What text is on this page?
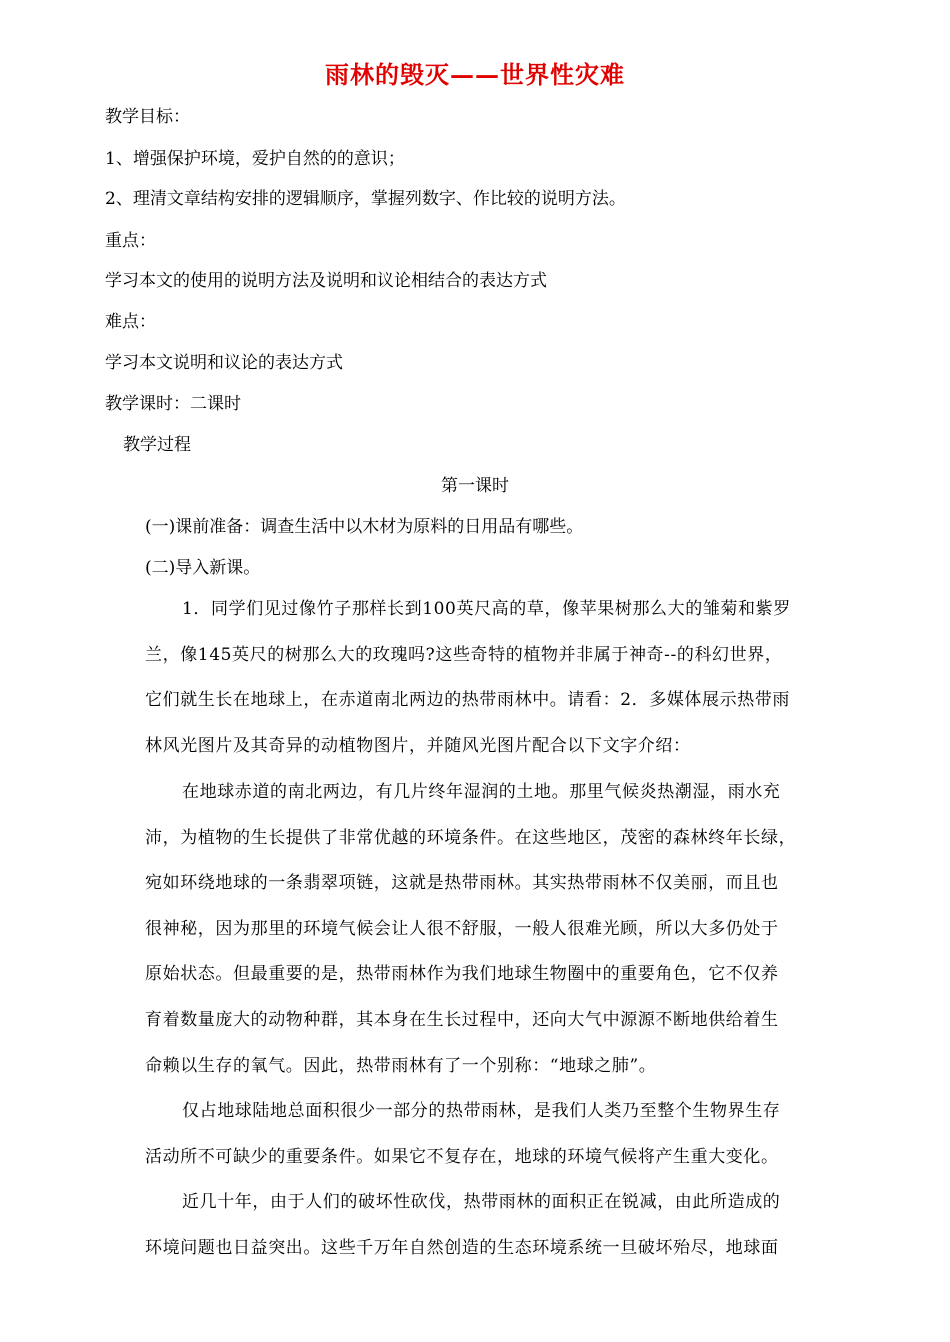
雨林的毁灭——世界性灾难

教学目标：

1、增强保护环境，爱护自然的的意识；

2、理清文章结构安排的逻辑顺序，掌握列数字、作比较的说明方法。

重点：

学习本文的使用的说明方法及说明和议论相结合的表达方式

难点：

学习本文说明和议论的表达方式

教学课时：二课时

教学过程

第一课时

(一)课前准备：调查生活中以木材为原料的日用品有哪些。

(二)导入新课。

1．同学们见过像竹子那样长到100英尺高的草，像苹果树那么大的雏菊和紫罗
兰，像145英尺的树那么大的玫瑰吗?这些奇特的植物并非属于神奇--的科幻世界，
它们就生长在地球上，在赤道南北两边的热带雨林中。请看：2．多媒体展示热带雨
林风光图片及其奇异的动植物图片，并随风光图片配合以下文字介绍：
在地球赤道的南北两边，有几片终年湿润的土地。那里气候炎热潮湿，雨水充
沛，为植物的生长提供了非常优越的环境条件。在这些地区，茂密的森林终年长绿，
宛如环绕地球的一条翡翠项链，这就是热带雨林。其实热带雨林不仅美丽，而且也
很神秘，因为那里的环境气候会让人很不舒服，一般人很难光顾，所以大多仍处于
原始状态。但最重要的是，热带雨林作为我们地球生物圈中的重要角色，它不仅养
育着数量庞大的动物种群，其本身在生长过程中，还向大气中源源不断地供给着生
命赖以生存的氧气。因此，热带雨林有了一个别称：“地球之肺”。
仅占地球陆地总面积很少一部分的热带雨林，是我们人类乃至整个生物界生存
活动所不可缺少的重要条件。如果它不复存在，地球的环境气候将产生重大变化。
近几十年，由于人们的破坏性砍伐，热带雨林的面积正在锐减，由此所造成的
环境问题也日益突出。这些千万年自然创造的生态环境系统一旦破坏殆尽，地球面
